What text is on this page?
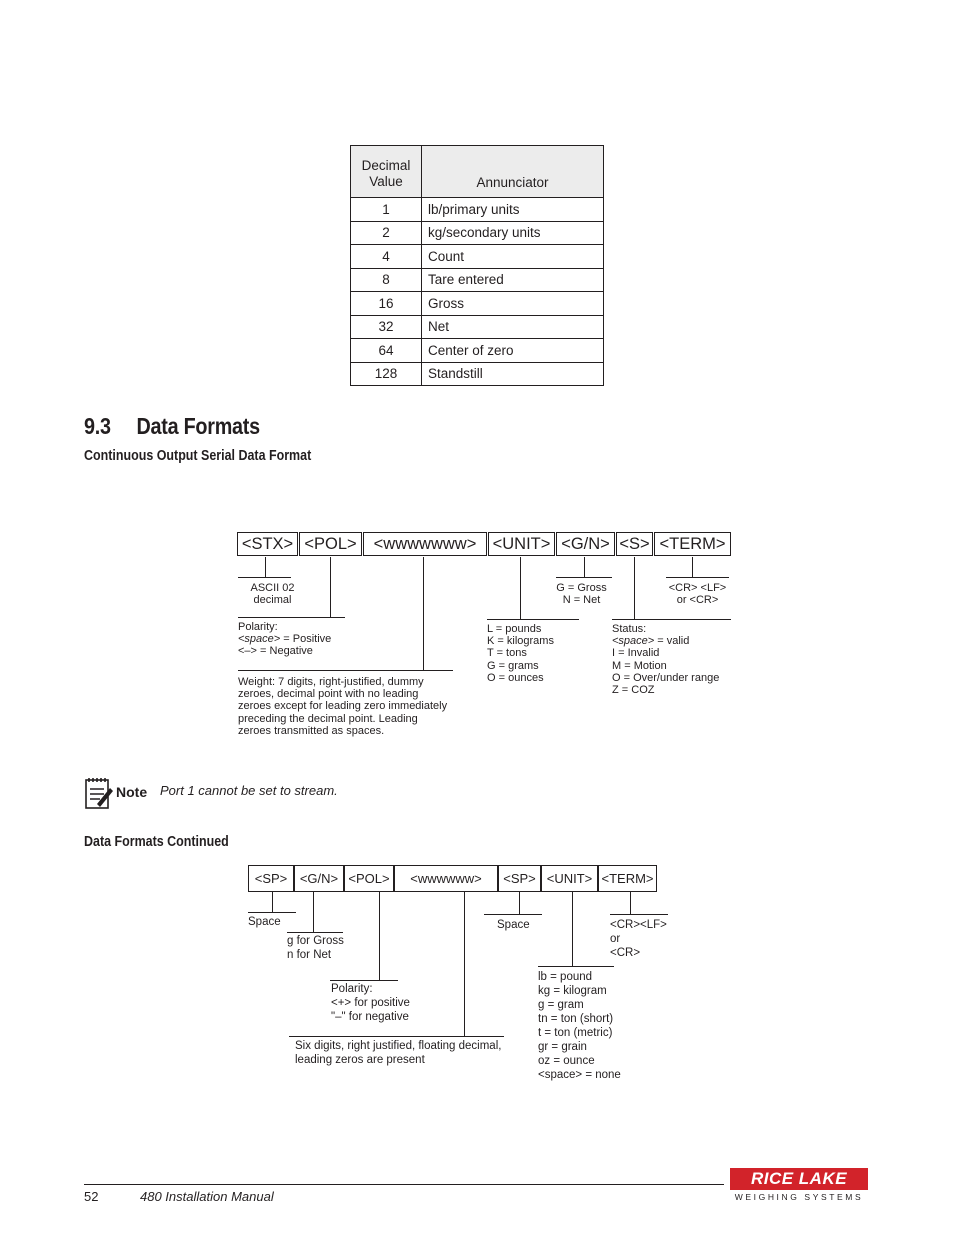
Decimal
Value	Annunciator
1	lb/primary units
2	kg/secondary units
4	Count
8	Tare entered
16	Gross
32	Net
64	Center of zero
128	Standstill
9.3 Data Formats
Continuous Output Serial Data Format
<STX> <POL>	<wwwwwww> <UNIT> <G/N> <S> <TERM>
ASCII 02
decimal
G = Gross
N = Net
<CR> <LF>
or <CR>
Polarity:
<space> = Positive
<–> = Negative
L = pounds
K = kilograms
T = tons
G = grams
O = ounces
Status:
<space> = valid
I = Invalid
M = Motion
O = Over/under range
Z = COZ
Weight: 7 digits, right-justified, dummy
zeroes, decimal point with no leading
zeroes except for leading zero immediately
preceding the decimal point. Leading
zeroes transmitted as spaces.
Note Port 1 cannot be set to stream.
Data Formats Continued
<SP> <G/N> <POL>	<wwwwww>	<SP> <UNIT> <TERM>
Space
g for Gross
n for Net
Polarity:
<+> for positive
"–" for negative
Space	<CR><LF>
or
<CR>
lb = pound
kg = kilogram
g = gram
tn = ton (short)
t = ton (metric)
gr = grain
oz = ounce
<space> = none
Six digits, right justified, floating decimal,
leading zeros are present
52	480 Installation Manual
RICE LAKE
WEIGHING SYSTEMS
